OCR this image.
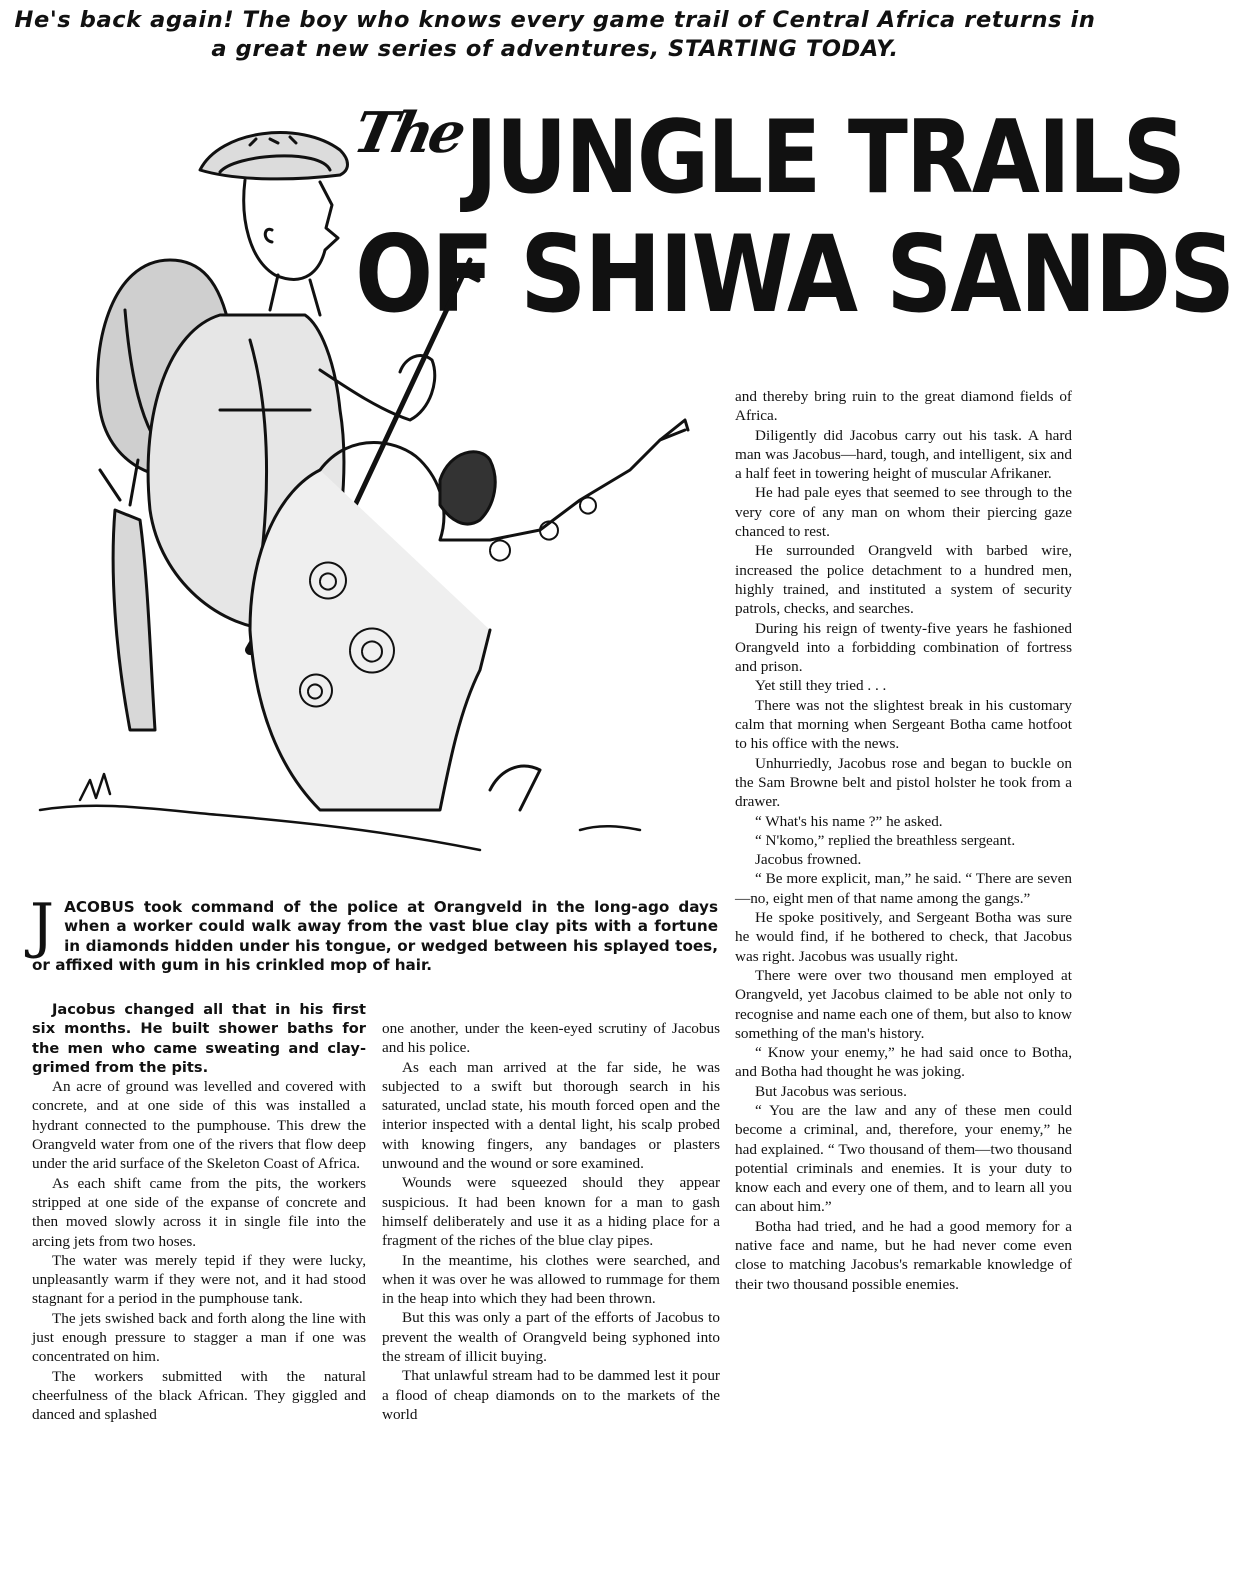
He's back again! The boy who knows every game trail of Central Africa returns in a great new series of adventures, STARTING TODAY.

TheJUNGLE TRAILS
OF SHIWA SANDS

JACOBUS took command of the police at Orangveld in the long-ago days when a worker could walk away from the vast blue clay pits with a fortune in diamonds hidden under his tongue, or wedged between his splayed toes, or affixed with gum in his crinkled mop of hair.

Jacobus changed all that in his first six months. He built shower baths for the men who came sweating and clay-grimed from the pits.

An acre of ground was levelled and covered with concrete, and at one side of this was installed a hydrant connected to the pumphouse. This drew the Orangveld water from one of the rivers that flow deep under the arid surface of the Skeleton Coast of Africa.

As each shift came from the pits, the workers stripped at one side of the expanse of concrete and then moved slowly across it in single file into the arcing jets from two hoses.

The water was merely tepid if they were lucky, unpleasantly warm if they were not, and it had stood stagnant for a period in the pumphouse tank.

The jets swished back and forth along the line with just enough pressure to stagger a man if one was concentrated on him.

The workers submitted with the natural cheerfulness of the black African. They giggled and danced and splashed

one another, under the keen-eyed scrutiny of Jacobus and his police.

As each man arrived at the far side, he was subjected to a swift but thorough search in his saturated, unclad state, his mouth forced open and the interior inspected with a dental light, his scalp probed with knowing fingers, any bandages or plasters unwound and the wound or sore examined.

Wounds were squeezed should they appear suspicious. It had been known for a man to gash himself deliberately and use it as a hiding place for a fragment of the riches of the blue clay pipes.

In the meantime, his clothes were searched, and when it was over he was allowed to rummage for them in the heap into which they had been thrown.

But this was only a part of the efforts of Jacobus to prevent the wealth of Orangveld being syphoned into the stream of illicit buying.

That unlawful stream had to be dammed lest it pour a flood of cheap diamonds on to the markets of the world

and thereby bring ruin to the great diamond fields of Africa.

Diligently did Jacobus carry out his task. A hard man was Jacobus—hard, tough, and intelligent, six and a half feet in towering height of muscular Afrikaner.

He had pale eyes that seemed to see through to the very core of any man on whom their piercing gaze chanced to rest.

He surrounded Orangveld with barbed wire, increased the police detachment to a hundred men, highly trained, and instituted a system of security patrols, checks, and searches.

During his reign of twenty-five years he fashioned Orangveld into a forbidding combination of fortress and prison.

Yet still they tried . . .

There was not the slightest break in his customary calm that morning when Sergeant Botha came hotfoot to his office with the news.

Unhurriedly, Jacobus rose and began to buckle on the Sam Browne belt and pistol holster he took from a drawer.

“ What's his name ?” he asked.

“ N'komo,” replied the breathless sergeant.

Jacobus frowned.

“ Be more explicit, man,” he said. “ There are seven—no, eight men of that name among the gangs.”

He spoke positively, and Sergeant Botha was sure he would find, if he bothered to check, that Jacobus was right. Jacobus was usually right.

There were over two thousand men employed at Orangveld, yet Jacobus claimed to be able not only to recognise and name each one of them, but also to know something of the man's history.

“ Know your enemy,” he had said once to Botha, and Botha had thought he was joking.

But Jacobus was serious.

“ You are the law and any of these men could become a criminal, and, therefore, your enemy,” he had explained. “ Two thousand of them—two thousand potential criminals and enemies. It is your duty to know each and every one of them, and to learn all you can about him.”

Botha had tried, and he had a good memory for a native face and name, but he had never come even close to matching Jacobus's remarkable knowledge of their two thousand possible enemies.
